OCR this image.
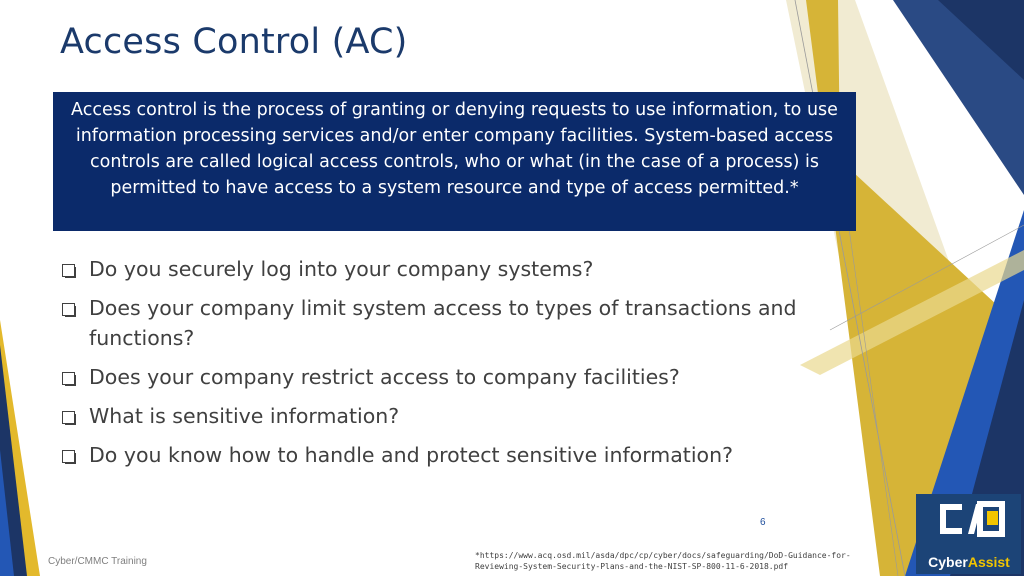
Access Control (AC)
Access control is the process of granting or denying requests to use information, to use information processing services and/or enter company facilities. System-based access controls are called logical access controls, who or what (in the case of a process) is permitted to have access to a system resource and type of access permitted.*
Do you securely log into your company systems?
Does your company limit system access to types of transactions and functions?
Does your company restrict access to company facilities?
What is sensitive information?
Do you know how to handle and protect sensitive information?
6
Cyber/CMMC Training
*https://www.acq.osd.mil/asda/dpc/cp/cyber/docs/safeguarding/DoD-Guidance-for-Reviewing-System-Security-Plans-and-the-NIST-SP-800-11-6-2018.pdf	CyberAssist
